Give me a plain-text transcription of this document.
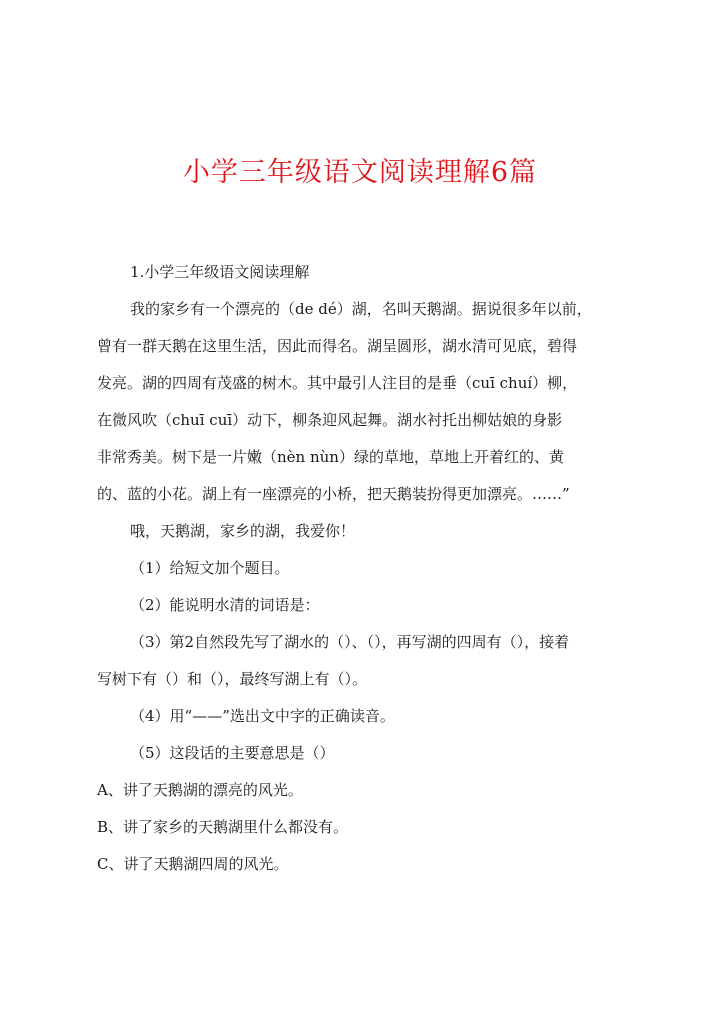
小学三年级语文阅读理解6篇
1.小学三年级语文阅读理解
我的家乡有一个漂亮的（de dé）湖，名叫天鹅湖。据说很多年以前，
曾有一群天鹅在这里生活，因此而得名。湖呈圆形，湖水清可见底，碧得
发亮。湖的四周有茂盛的树木。其中最引人注目的是垂（cuī chuí）柳，
在微风吹（chuī cuī）动下，柳条迎风起舞。湖水衬托出柳姑娘的身影
非常秀美。树下是一片嫩（nèn nùn）绿的草地，草地上开着红的、黄
的、蓝的小花。湖上有一座漂亮的小桥，把天鹅装扮得更加漂亮。……”
哦，天鹅湖，家乡的湖，我爱你！
（1）给短文加个题目。
（2）能说明水清的词语是：
（3）第2自然段先写了湖水的（）、（），再写湖的四周有（），接着
写树下有（）和（），最终写湖上有（）。
（4）用“——”选出文中字的正确读音。
（5）这段话的主要意思是（）
A、讲了天鹅湖的漂亮的风光。
B、讲了家乡的天鹅湖里什么都没有。
C、讲了天鹅湖四周的风光。
